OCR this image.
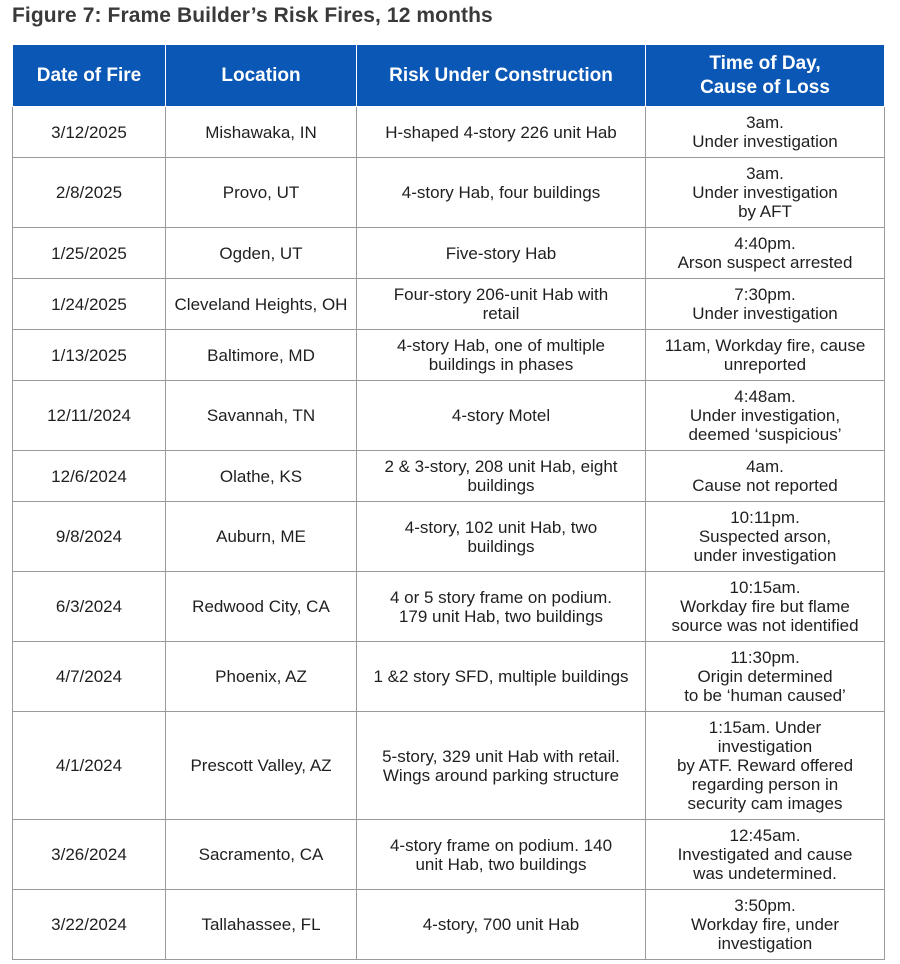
Figure 7: Frame Builder’s Risk Fires, 12 months
Date of Fire	Location	Risk Under Construction	Time of Day,
Cause of Loss
3/12/2025	Mishawaka, IN	H-shaped 4-story 226 unit Hab	3am.
Under investigation
2/8/2025	Provo, UT	4-story Hab, four buildings	3am.
Under investigation
by AFT
1/25/2025	Ogden, UT	Five-story Hab	4:40pm.
Arson suspect arrested
1/24/2025	Cleveland Heights, OH	Four-story 206-unit Hab with
retail	7:30pm.
Under investigation
1/13/2025	Baltimore, MD	4-story Hab, one of multiple
buildings in phases	11am, Workday fire, cause
unreported
12/11/2024	Savannah, TN	4-story Motel	4:48am.
Under investigation,
deemed ‘suspicious’
12/6/2024	Olathe, KS	2 & 3-story, 208 unit Hab, eight
buildings	4am.
Cause not reported
9/8/2024	Auburn, ME	4-story, 102 unit Hab, two
buildings	10:11pm.
Suspected arson,
under investigation
6/3/2024	Redwood City, CA	4 or 5 story frame on podium.
179 unit Hab, two buildings	10:15am.
Workday fire but flame
source was not identified
4/7/2024	Phoenix, AZ	1 &2 story SFD, multiple buildings	11:30pm.
Origin determined
to be ‘human caused’
4/1/2024	Prescott Valley, AZ	5-story, 329 unit Hab with retail.
Wings around parking structure	1:15am. Under
investigation
by ATF. Reward offered
regarding person in
security cam images
3/26/2024	Sacramento, CA	4-story frame on podium. 140
unit Hab, two buildings	12:45am.
Investigated and cause
was undetermined.
3/22/2024	Tallahassee, FL	4-story, 700 unit Hab	3:50pm.
Workday fire, under
investigation
